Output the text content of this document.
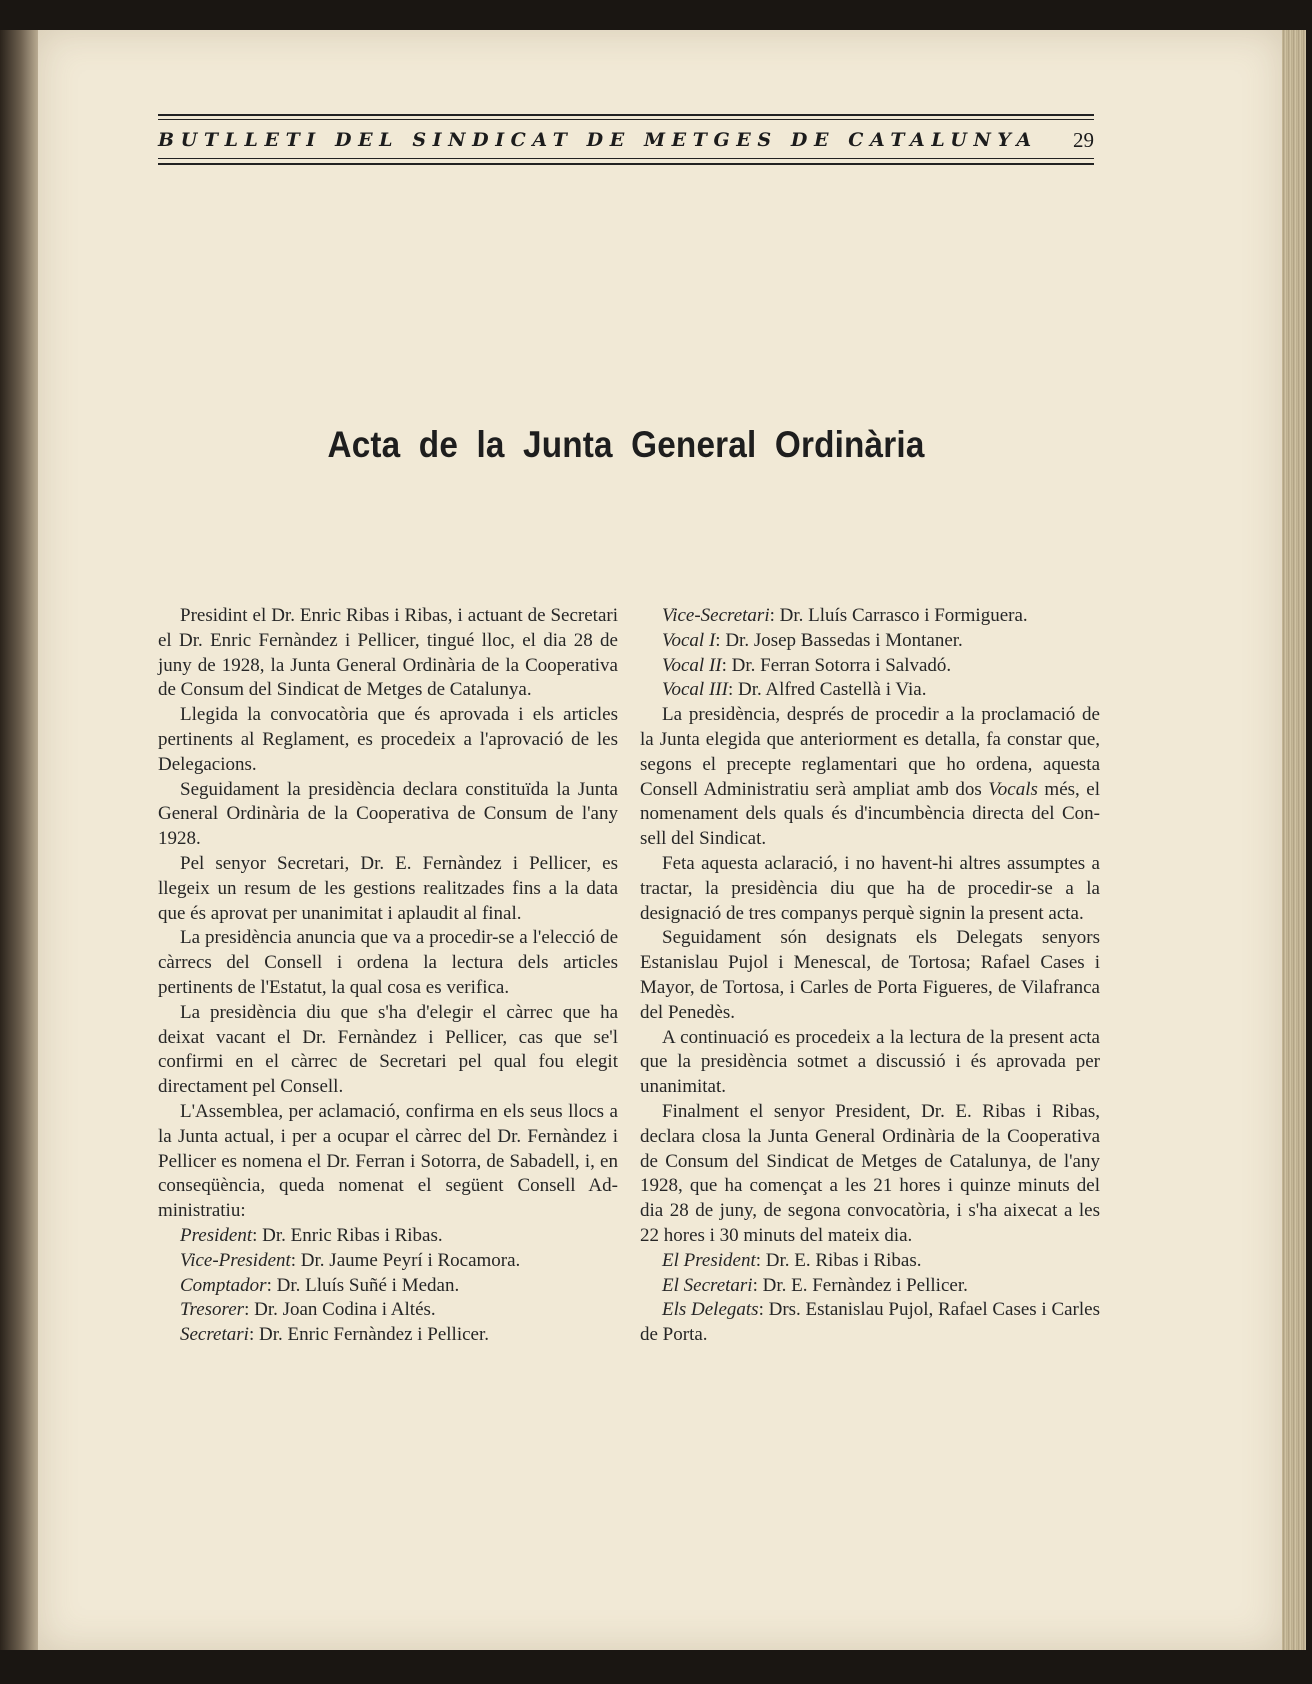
BUTLLETI DEL SINDICAT DE METGES DE CATALUNYA 29
Acta de la Junta General Ordinària

Presidint el Dr. Enric Ribas i Ribas, i actuant de Secretari el Dr. Enric Fernàndez i Pellicer, tingué lloc, el dia 28 de juny de 1928, la Junta General Ordinària de la Cooperativa de Consum del Sindicat de Metges de Catalunya.

Llegida la convocatòria que és aprovada i els articles pertinents al Reglament, es procedeix a l'aprovació de les Delegacions.

Seguidament la presidència declara constituïda la Junta General Ordinària de la Cooperativa de Consum de l'any 1928.

Pel senyor Secretari, Dr. E. Fernàndez i Pellicer, es llegeix un resum de les gestions realitzades fins a la data que és aprovat per unanimitat i aplaudit al final.

La presidència anuncia que va a procedir-se a l'elecció de càrrecs del Consell i ordena la lectura dels articles pertinents de l'Estatut, la qual cosa es verifica.

La presidència diu que s'ha d'elegir el càrrec que ha deixat vacant el Dr. Fernàndez i Pellicer, cas que se'l confirmi en el càrrec de Secretari pel qual fou elegit directament pel Consell.

L'Assemblea, per aclamació, confirma en els seus llocs a la Junta actual, i per a ocupar el càrrec del Dr. Fernàndez i Pellicer es nomena el Dr. Ferran i Sotorra, de Sabadell, i, en conseqüència, queda nomenat el següent Consell Administratiu:

President: Dr. Enric Ribas i Ribas.

Vice-President: Dr. Jaume Peyrí i Rocamora.

Comptador: Dr. Lluís Suñé i Medan.

Tresorer: Dr. Joan Codina i Altés.

Secretari: Dr. Enric Fernàndez i Pellicer.

Vice-Secretari: Dr. Lluís Carrasco i Formiguera.

Vocal I: Dr. Josep Bassedas i Montaner.

Vocal II: Dr. Ferran Sotorra i Salvadó.

Vocal III: Dr. Alfred Castellà i Via.

La presidència, després de procedir a la proclamació de la Junta elegida que anteriorment es detalla, fa constar que, segons el precepte reglamentari que ho ordena, aquesta Consell Administratiu serà ampliat amb dos Vocals més, el nomenament dels quals és d'incumbència directa del Consell del Sindicat.

Feta aquesta aclaració, i no havent-hi altres assumptes a tractar, la presidència diu que ha de procedir-se a la designació de tres companys perquè signin la present acta.

Seguidament són designats els Delegats senyors Estanislau Pujol i Menescal, de Tortosa; Rafael Cases i Mayor, de Tortosa, i Carles de Porta Figueres, de Vilafranca del Penedès.

A continuació es procedeix a la lectura de la present acta que la presidència sotmet a discussió i és aprovada per unanimitat.

Finalment el senyor President, Dr. E. Ribas i Ribas, declara closa la Junta General Ordinària de la Cooperativa de Consum del Sindicat de Metges de Catalunya, de l'any 1928, que ha començat a les 21 hores i quinze minuts del dia 28 de juny, de segona convocatòria, i s'ha aixecat a les 22 hores i 30 minuts del mateix dia.

El President: Dr. E. Ribas i Ribas.

El Secretari: Dr. E. Fernàndez i Pellicer.

Els Delegats: Drs. Estanislau Pujol, Rafael Cases i Carles de Porta.
